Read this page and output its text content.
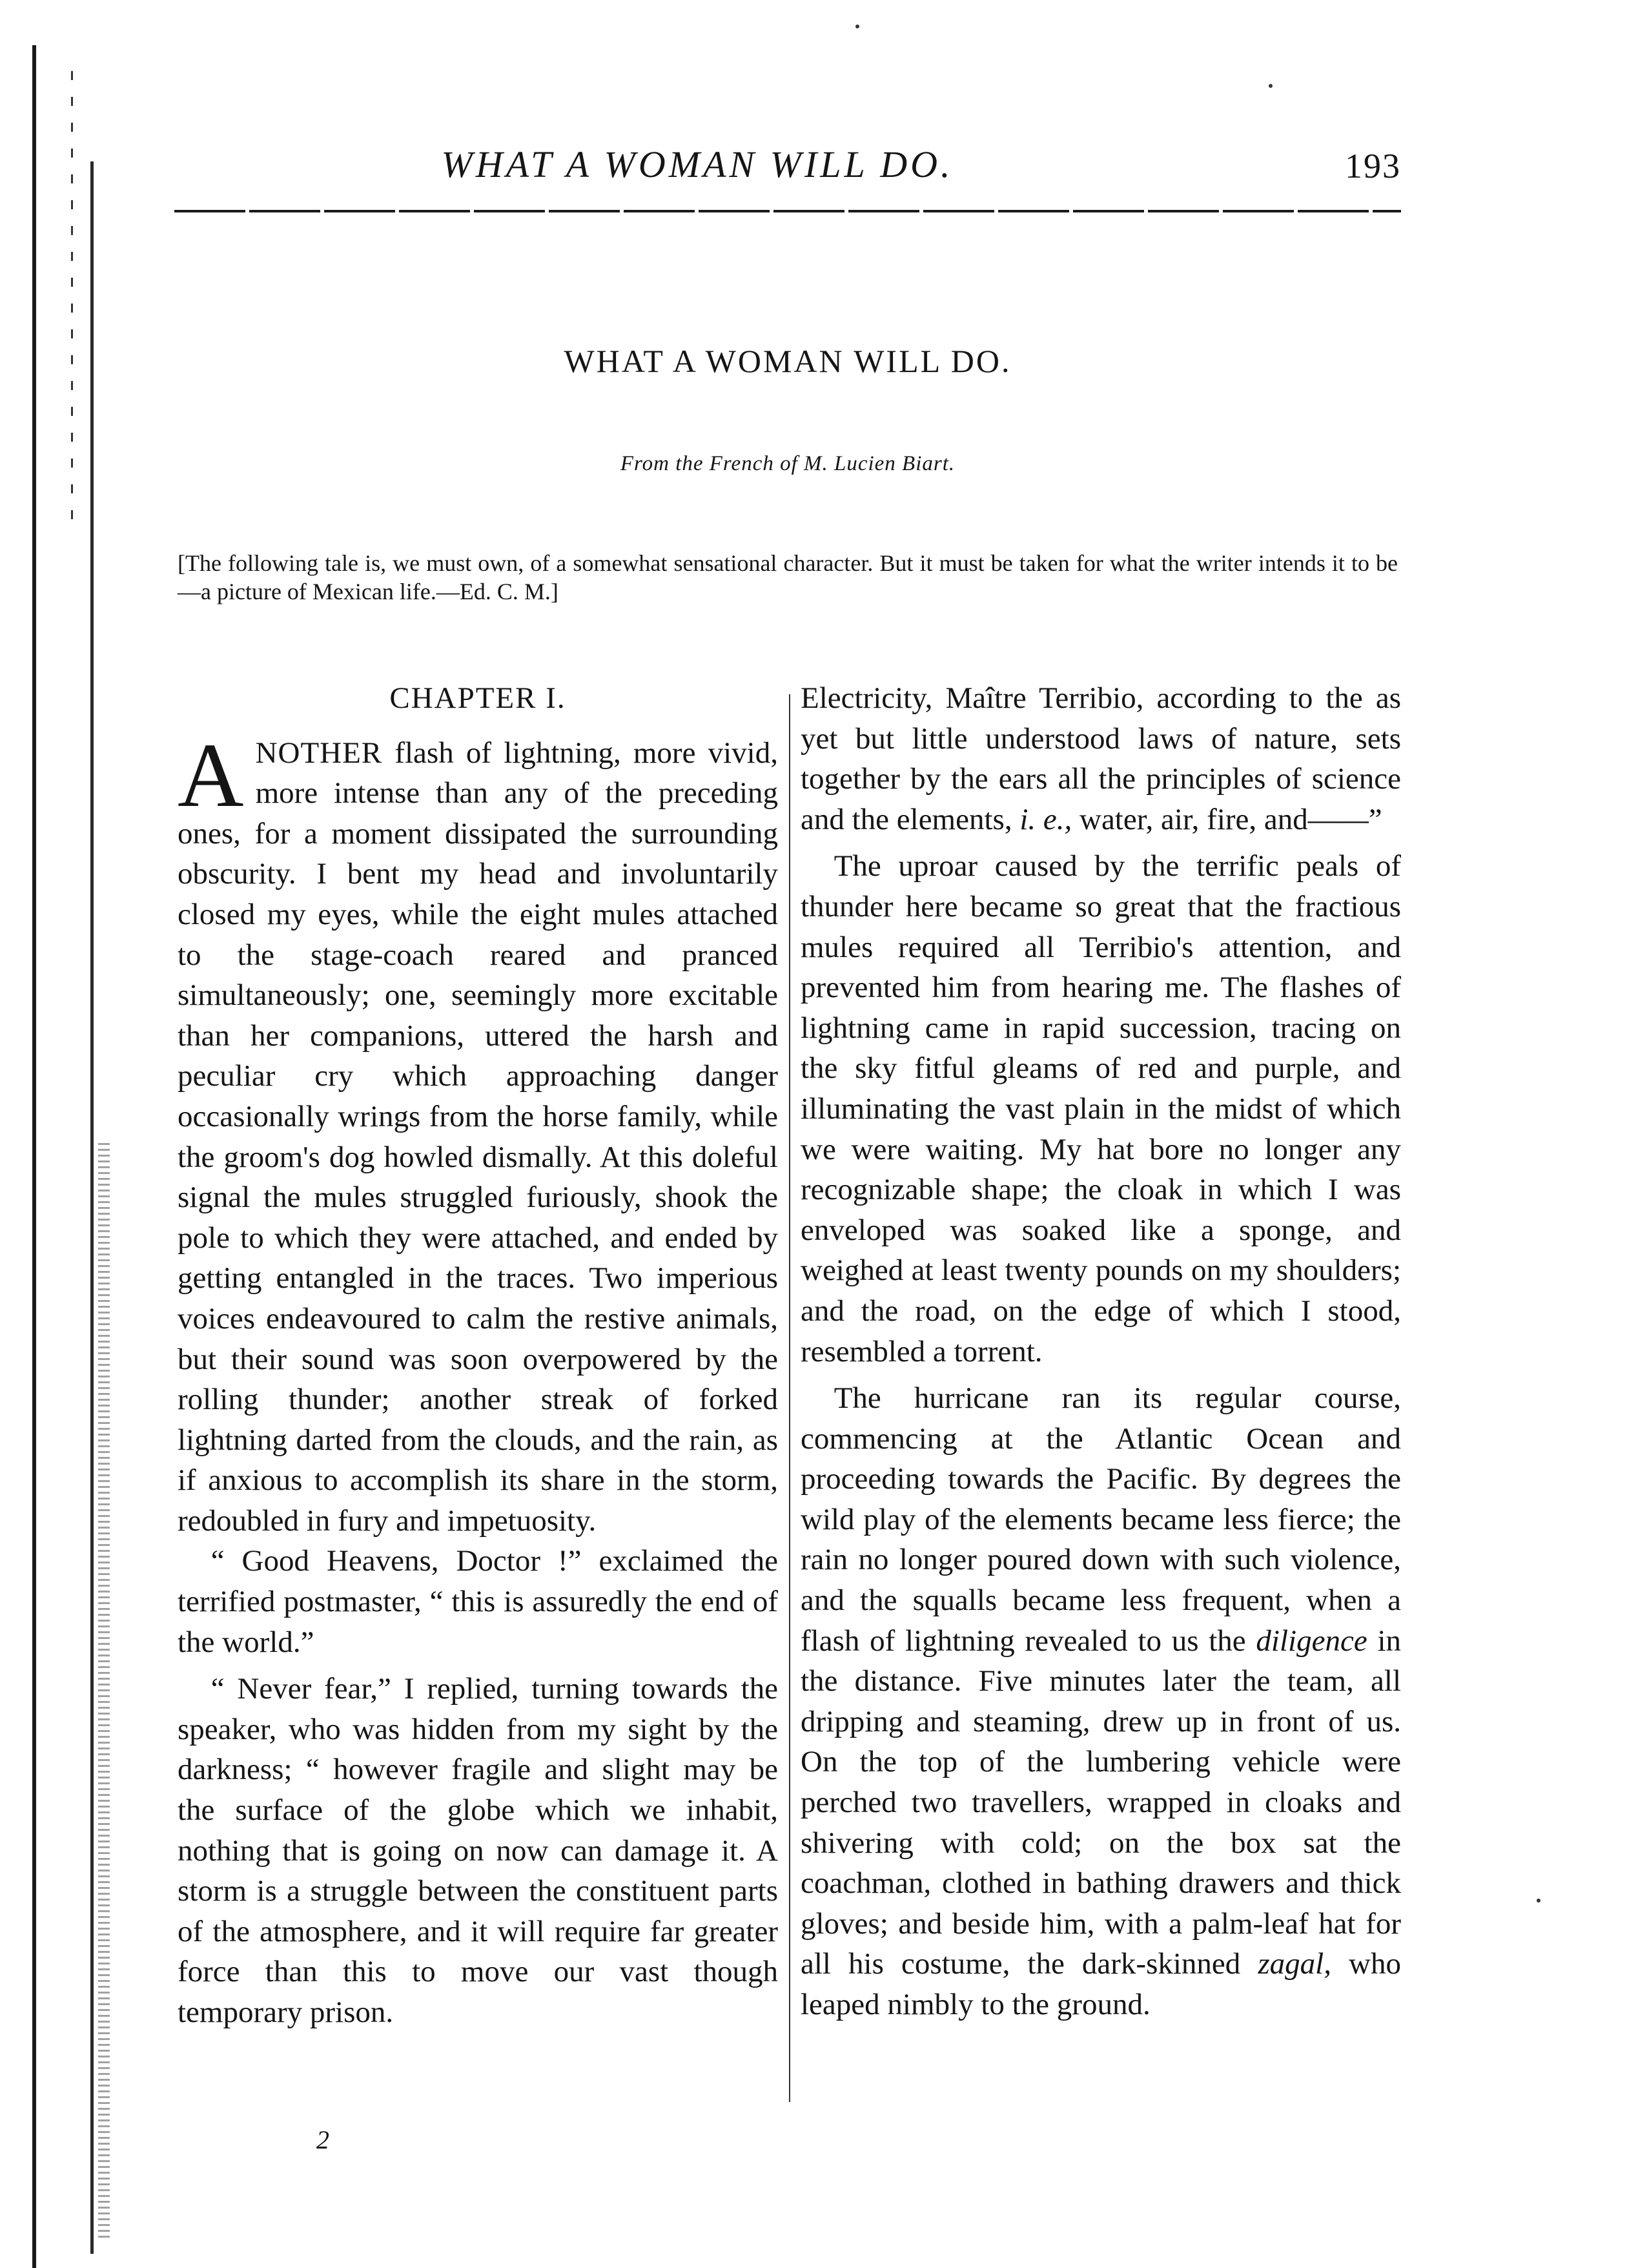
WHAT A WOMAN WILL DO.	193
WHAT A WOMAN WILL DO.
From the French of M. Lucien Biart.
[The following tale is, we must own, of a somewhat sensational character. But it must be taken for what the writer intends it to be—a picture of Mexican life.—Ed. C. M.]
CHAPTER I.

ANOTHER flash of lightning, more vivid, more intense than any of the preceding ones, for a moment dissipated the surrounding obscurity. I bent my head and involuntarily closed my eyes, while the eight mules attached to the stage-coach reared and pranced simultaneously; one, seemingly more excitable than her companions, uttered the harsh and peculiar cry which approaching danger occasionally wrings from the horse family, while the groom's dog howled dismally. At this doleful signal the mules struggled furiously, shook the pole to which they were attached, and ended by getting entangled in the traces. Two imperious voices endeavoured to calm the restive animals, but their sound was soon overpowered by the rolling thunder; another streak of forked lightning darted from the clouds, and the rain, as if anxious to accomplish its share in the storm, redoubled in fury and impetuosity.

“ Good Heavens, Doctor !” exclaimed the terrified postmaster, “ this is assuredly the end of the world.”

“ Never fear,” I replied, turning towards the speaker, who was hidden from my sight by the darkness; “ however fragile and slight may be the surface of the globe which we inhabit, nothing that is going on now can damage it. A storm is a struggle between the constituent parts of the atmosphere, and it will require far greater force than this to move our vast though temporary prison.

Electricity, Maître Terribio, according to the as yet but little understood laws of nature, sets together by the ears all the principles of science and the elements, i. e., water, air, fire, and——”

The uproar caused by the terrific peals of thunder here became so great that the fractious mules required all Terribio's attention, and prevented him from hearing me. The flashes of lightning came in rapid succession, tracing on the sky fitful gleams of red and purple, and illuminating the vast plain in the midst of which we were waiting. My hat bore no longer any recognizable shape; the cloak in which I was enveloped was soaked like a sponge, and weighed at least twenty pounds on my shoulders; and the road, on the edge of which I stood, resembled a torrent.

The hurricane ran its regular course, commencing at the Atlantic Ocean and proceeding towards the Pacific. By degrees the wild play of the elements became less fierce; the rain no longer poured down with such violence, and the squalls became less frequent, when a flash of lightning revealed to us the diligence in the distance. Five minutes later the team, all dripping and steaming, drew up in front of us. On the top of the lumbering vehicle were perched two travellers, wrapped in cloaks and shivering with cold; on the box sat the coachman, clothed in bathing drawers and thick gloves; and beside him, with a palm-leaf hat for all his costume, the dark-skinned zagal, who leaped nimbly to the ground.

2
